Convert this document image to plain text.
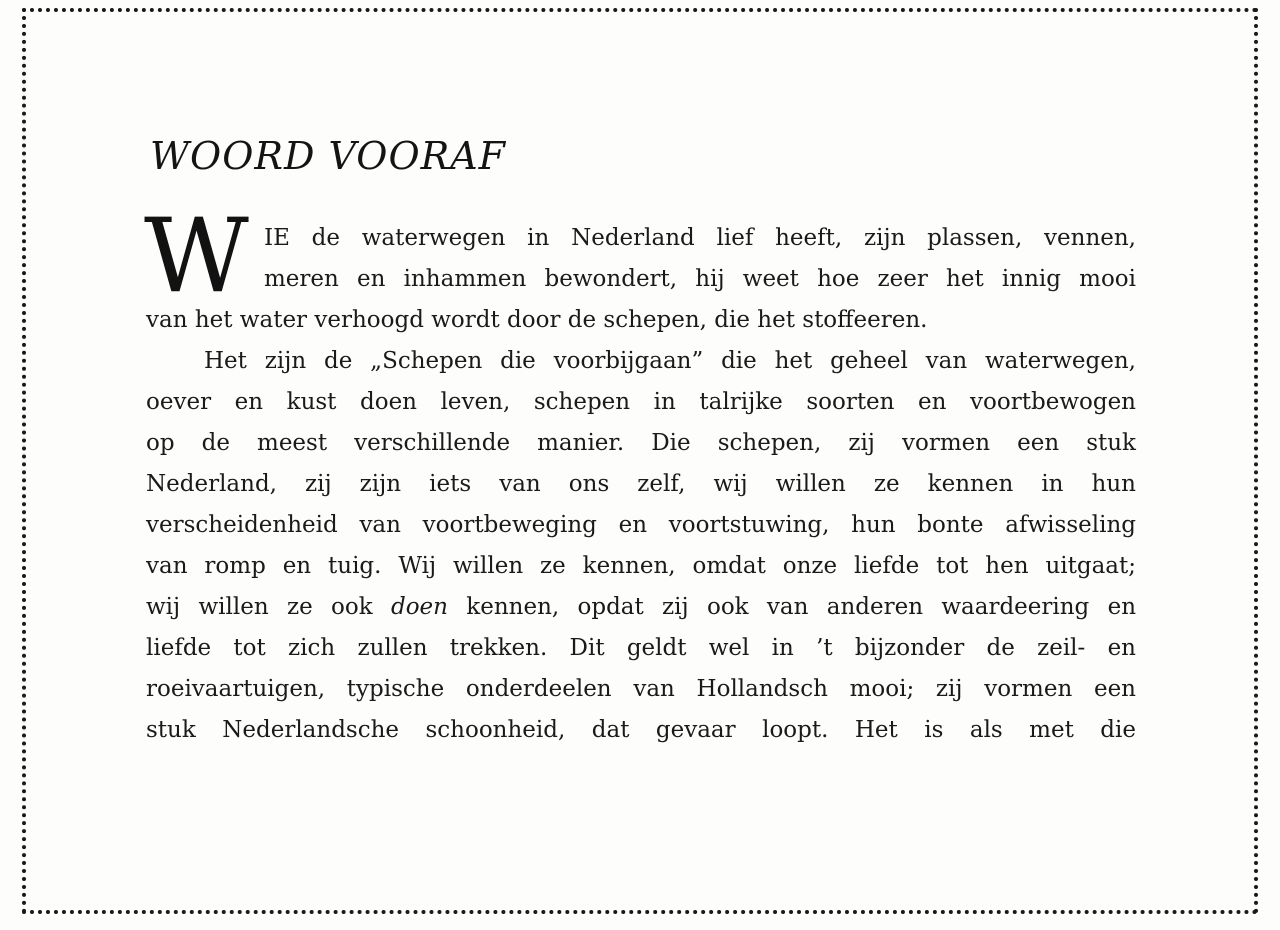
WOORD VOORAF
W IE de waterwegen in Nederland lief heeft, zijn plassen, vennen,
meren en inhammen bewondert, hij weet hoe zeer het innig mooi
van het water verhoogd wordt door de schepen, die het stoffeeren.
Het zijn de „Schepen die voorbijgaan” die het geheel van waterwegen,
oever en kust doen leven, schepen in talrijke soorten en voortbewogen
op de meest verschillende manier. Die schepen, zij vormen een stuk
Nederland, zij zijn iets van ons zelf, wij willen ze kennen in hun
verscheidenheid van voortbeweging en voortstuwing, hun bonte afwisseling
van romp en tuig. Wij willen ze kennen, omdat onze liefde tot hen uitgaat;
wij willen ze ook doen kennen, opdat zij ook van anderen waardeering en
liefde tot zich zullen trekken. Dit geldt wel in ’t bijzonder de zeil- en
roeivaartuigen, typische onderdeelen van Hollandsch mooi; zij vormen een
stuk Nederlandsche schoonheid, dat gevaar loopt. Het is als met die
